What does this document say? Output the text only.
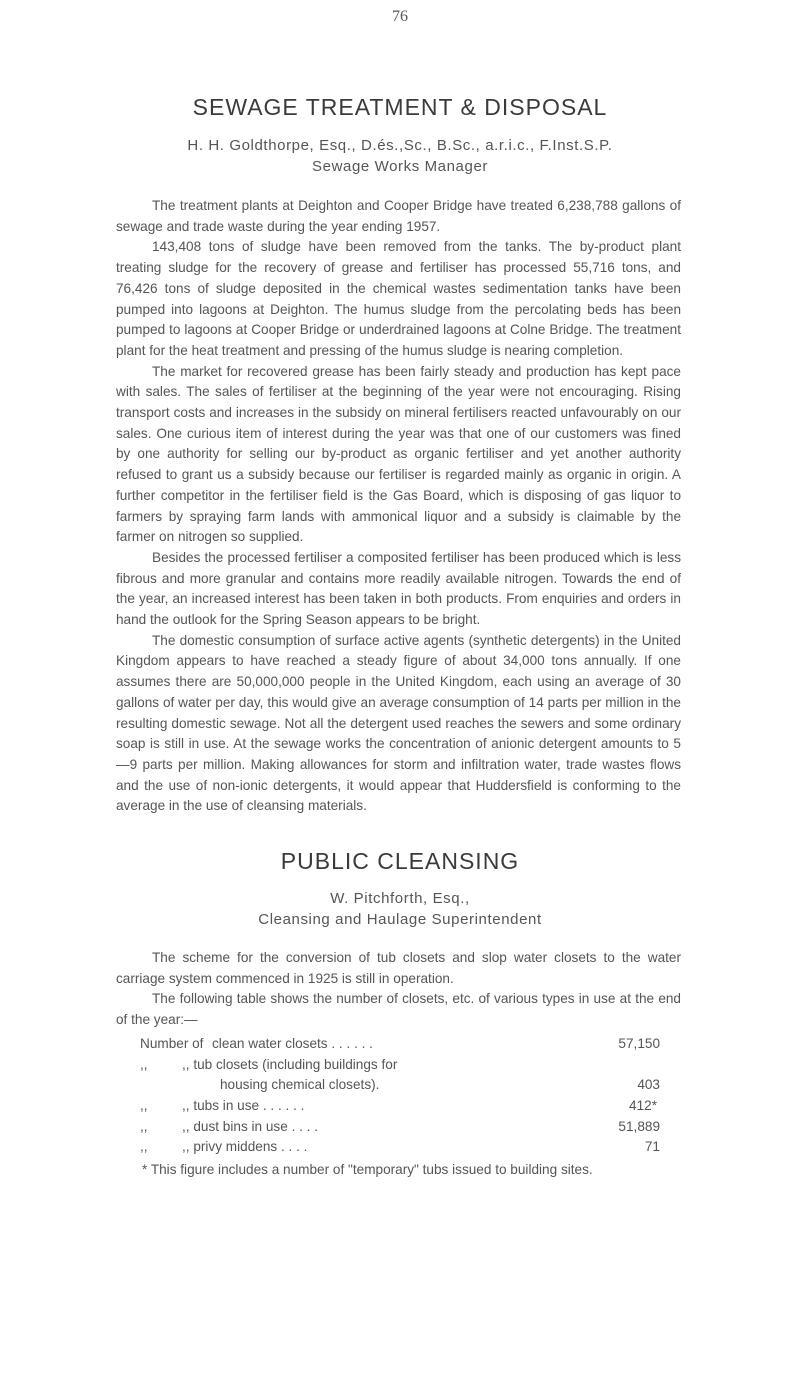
76
SEWAGE TREATMENT & DISPOSAL
H. H. Goldthorpe, Esq., D.és.,Sc., B.Sc., a.r.i.c., F.Inst.S.P.
Sewage Works Manager

The treatment plants at Deighton and Cooper Bridge have treated 6,238,788 gallons of sewage and trade waste during the year ending 1957.

143,408 tons of sludge have been removed from the tanks. The by-product plant treating sludge for the recovery of grease and fertiliser has processed 55,716 tons, and 76,426 tons of sludge deposited in the chemical wastes sedimentation tanks have been pumped into lagoons at Deighton. The humus sludge from the percolating beds has been pumped to lagoons at Cooper Bridge or underdrained lagoons at Colne Bridge. The treatment plant for the heat treatment and pressing of the humus sludge is nearing completion.

The market for recovered grease has been fairly steady and production has kept pace with sales. The sales of fertiliser at the beginning of the year were not encouraging. Rising transport costs and increases in the subsidy on mineral fertilisers reacted unfavourably on our sales. One curious item of interest during the year was that one of our customers was fined by one authority for selling our by-product as organic fertiliser and yet another authority refused to grant us a subsidy because our fertiliser is regarded mainly as organic in origin. A further competitor in the fertiliser field is the Gas Board, which is disposing of gas liquor to farmers by spraying farm lands with ammonical liquor and a subsidy is claimable by the farmer on nitrogen so supplied.

Besides the processed fertiliser a composited fertiliser has been produced which is less fibrous and more granular and contains more readily available nitrogen. Towards the end of the year, an increased interest has been taken in both products. From enquiries and orders in hand the outlook for the Spring Season appears to be bright.

The domestic consumption of surface active agents (synthetic detergents) in the United Kingdom appears to have reached a steady figure of about 34,000 tons annually. If one assumes there are 50,000,000 people in the United Kingdom, each using an average of 30 gallons of water per day, this would give an average consumption of 14 parts per million in the resulting domestic sewage. Not all the detergent used reaches the sewers and some ordinary soap is still in use. At the sewage works the concentration of anionic detergent amounts to 5—9 parts per million. Making allowances for storm and infiltration water, trade wastes flows and the use of non-ionic detergents, it would appear that Huddersfield is conforming to the average in the use of cleansing materials.

PUBLIC CLEANSING
W. Pitchforth, Esq.,
Cleansing and Haulage Superintendent

The scheme for the conversion of tub closets and slop water closets to the water carriage system commenced in 1925 is still in operation.

The following table shows the number of closets, etc. of various types in use at the end of the year:—

Number of clean water closets . . . . . .	57,150
,,	,, tub closets (including buildings for
housing chemical closets).	403
,,	,, tubs in use . . . . . .	412*
,,	,, dust bins in use . . . .	51,889
,,	,, privy middens . . . .	71
* This figure includes a number of "temporary" tubs issued to building sites.
